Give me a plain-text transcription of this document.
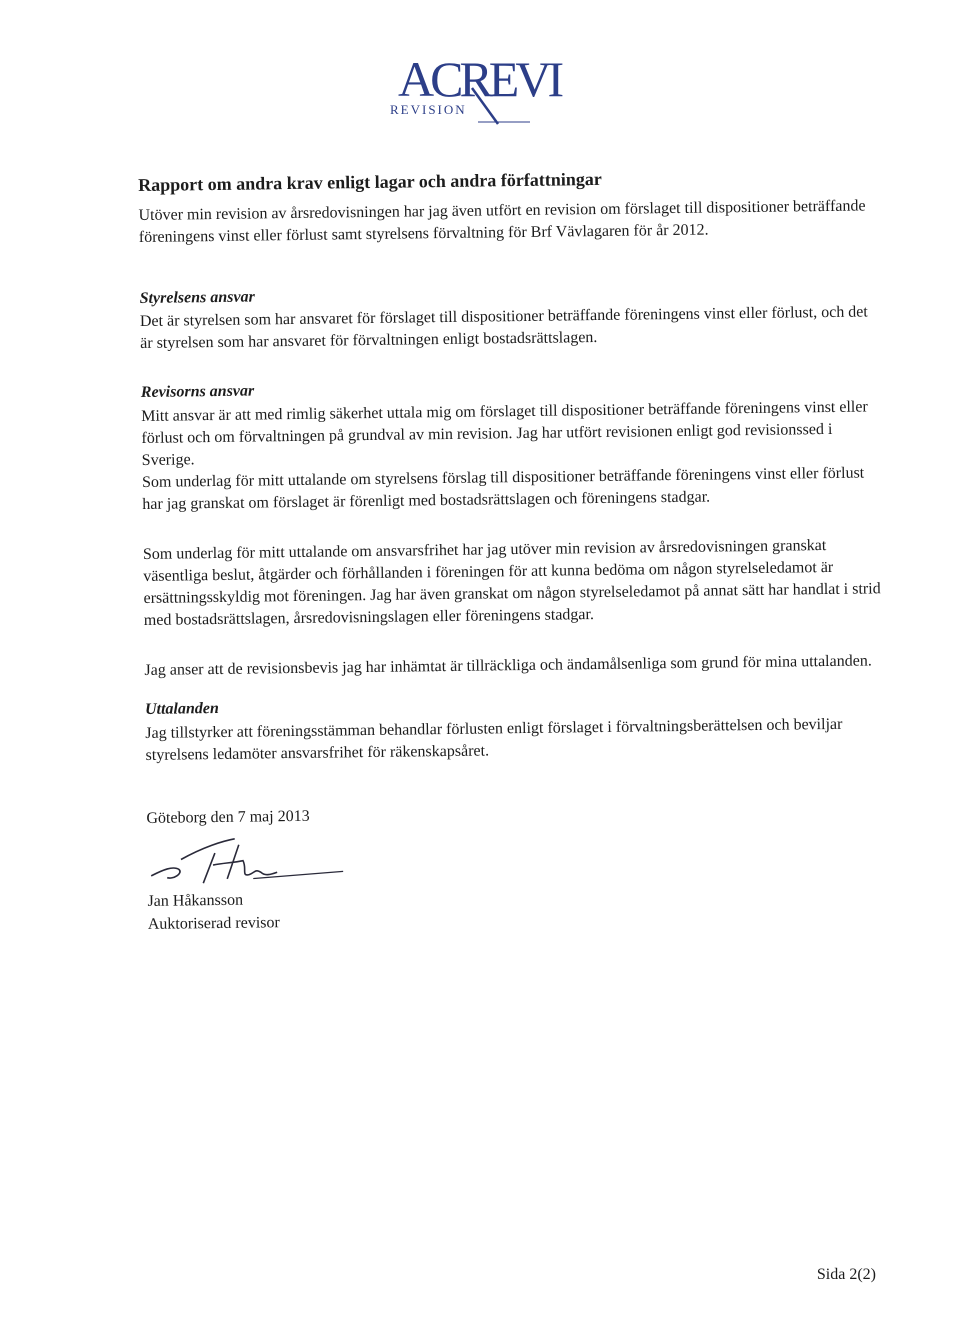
ACREVI
REVISION
Rapport om andra krav enligt lagar och andra författningar

Utöver min revision av årsredovisningen har jag även utfört en revision om förslaget till dispositioner beträffande föreningens vinst eller förlust samt styrelsens förvaltning för Brf Vävlagaren för år 2012.

Styrelsens ansvar

Det är styrelsen som har ansvaret för förslaget till dispositioner beträffande föreningens vinst eller förlust, och det är styrelsen som har ansvaret för förvaltningen enligt bostadsrättslagen.

Revisorns ansvar

Mitt ansvar är att med rimlig säkerhet uttala mig om förslaget till dispositioner beträffande föreningens vinst eller förlust och om förvaltningen på grundval av min revision. Jag har utfört revisionen enligt god revisionssed i Sverige.

Som underlag för mitt uttalande om styrelsens förslag till dispositioner beträffande föreningens vinst eller förlust har jag granskat om förslaget är förenligt med bostadsrättslagen och föreningens stadgar.

Som underlag för mitt uttalande om ansvarsfrihet har jag utöver min revision av årsredovisningen granskat väsentliga beslut, åtgärder och förhållanden i föreningen för att kunna bedöma om någon styrelseledamot är ersättningsskyldig mot föreningen. Jag har även granskat om någon styrelseledamot på annat sätt har handlat i strid med bostadsrättslagen, årsredovisningslagen eller föreningens stadgar.

Jag anser att de revisionsbevis jag har inhämtat är tillräckliga och ändamålsenliga som grund för mina uttalanden.

Uttalanden

Jag tillstyrker att föreningsstämman behandlar förlusten enligt förslaget i förvaltningsberättelsen och beviljar styrelsens ledamöter ansvarsfrihet för räkenskapsåret.

Göteborg den 7 maj 2013

Jan Håkansson

Auktoriserad revisor

Sida 2(2)
